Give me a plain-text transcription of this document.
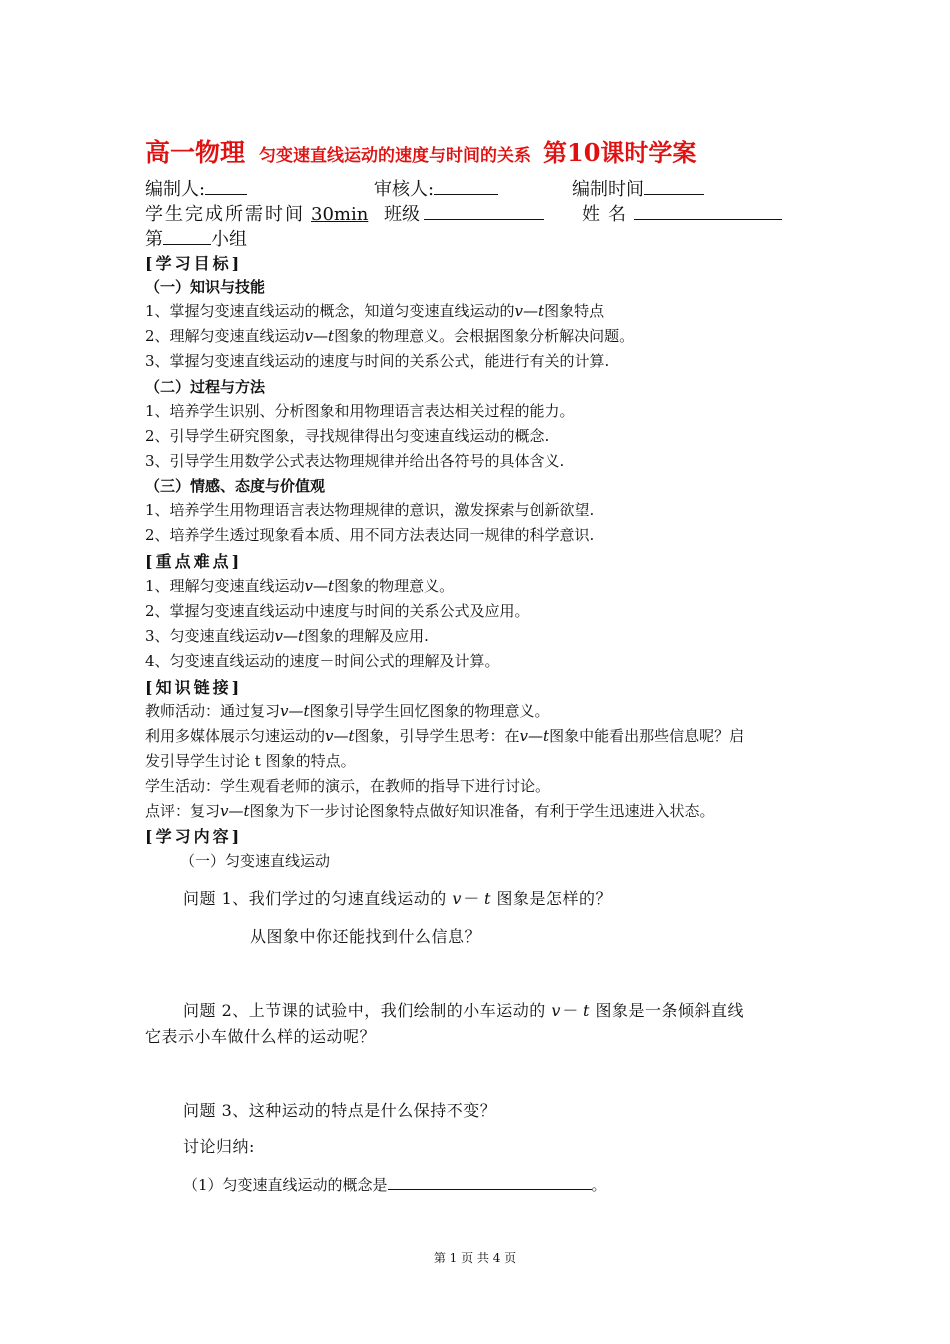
高一物理 匀变速直线运动的速度与时间的关系 第10课时学案
编制人:	审核人:	编制时间
学生完成所需时间 30min 班级	姓名
第	小组
[学习目标]
（一）知识与技能
1、掌握匀变速直线运动的概念，知道匀变速直线运动的v—t图象特点
2、理解匀变速直线运动v—t图象的物理意义。会根据图象分析解决问题。
3、掌握匀变速直线运动的速度与时间的关系公式，能进行有关的计算.
（二）过程与方法
1、培养学生识别、分析图象和用物理语言表达相关过程的能力。
2、引导学生研究图象，寻找规律得出匀变速直线运动的概念.
3、引导学生用数学公式表达物理规律并给出各符号的具体含义.
（三）情感、态度与价值观
1、培养学生用物理语言表达物理规律的意识，激发探索与创新欲望.
2、培养学生透过现象看本质、用不同方法表达同一规律的科学意识.
[重点难点]
1、理解匀变速直线运动v—t图象的物理意义。
2、掌握匀变速直线运动中速度与时间的关系公式及应用。
3、匀变速直线运动v—t图象的理解及应用.
4、匀变速直线运动的速度－时间公式的理解及计算。
[知识链接]
教师活动：通过复习v—t图象引导学生回忆图象的物理意义。
利用多媒体展示匀速运动的v—t图象，引导学生思考：在v—t图象中能看出那些信息呢？启
发引导学生讨论 t 图象的特点。
学生活动：学生观看老师的演示，在教师的指导下进行讨论。
点评：复习v—t图象为下一步讨论图象特点做好知识准备，有利于学生迅速进入状态。
[学习内容]
（一）匀变速直线运动
问题 1、我们学过的匀速直线运动的 v－ t 图象是怎样的？
从图象中你还能找到什么信息？
问题 2、上节课的试验中，我们绘制的小车运动的 v－ t 图象是一条倾斜直线
它表示小车做什么样的运动呢？
问题 3、这种运动的特点是什么保持不变？
讨论归纳:
（1）匀变速直线运动的概念是	。
第 1 页 共 4 页
